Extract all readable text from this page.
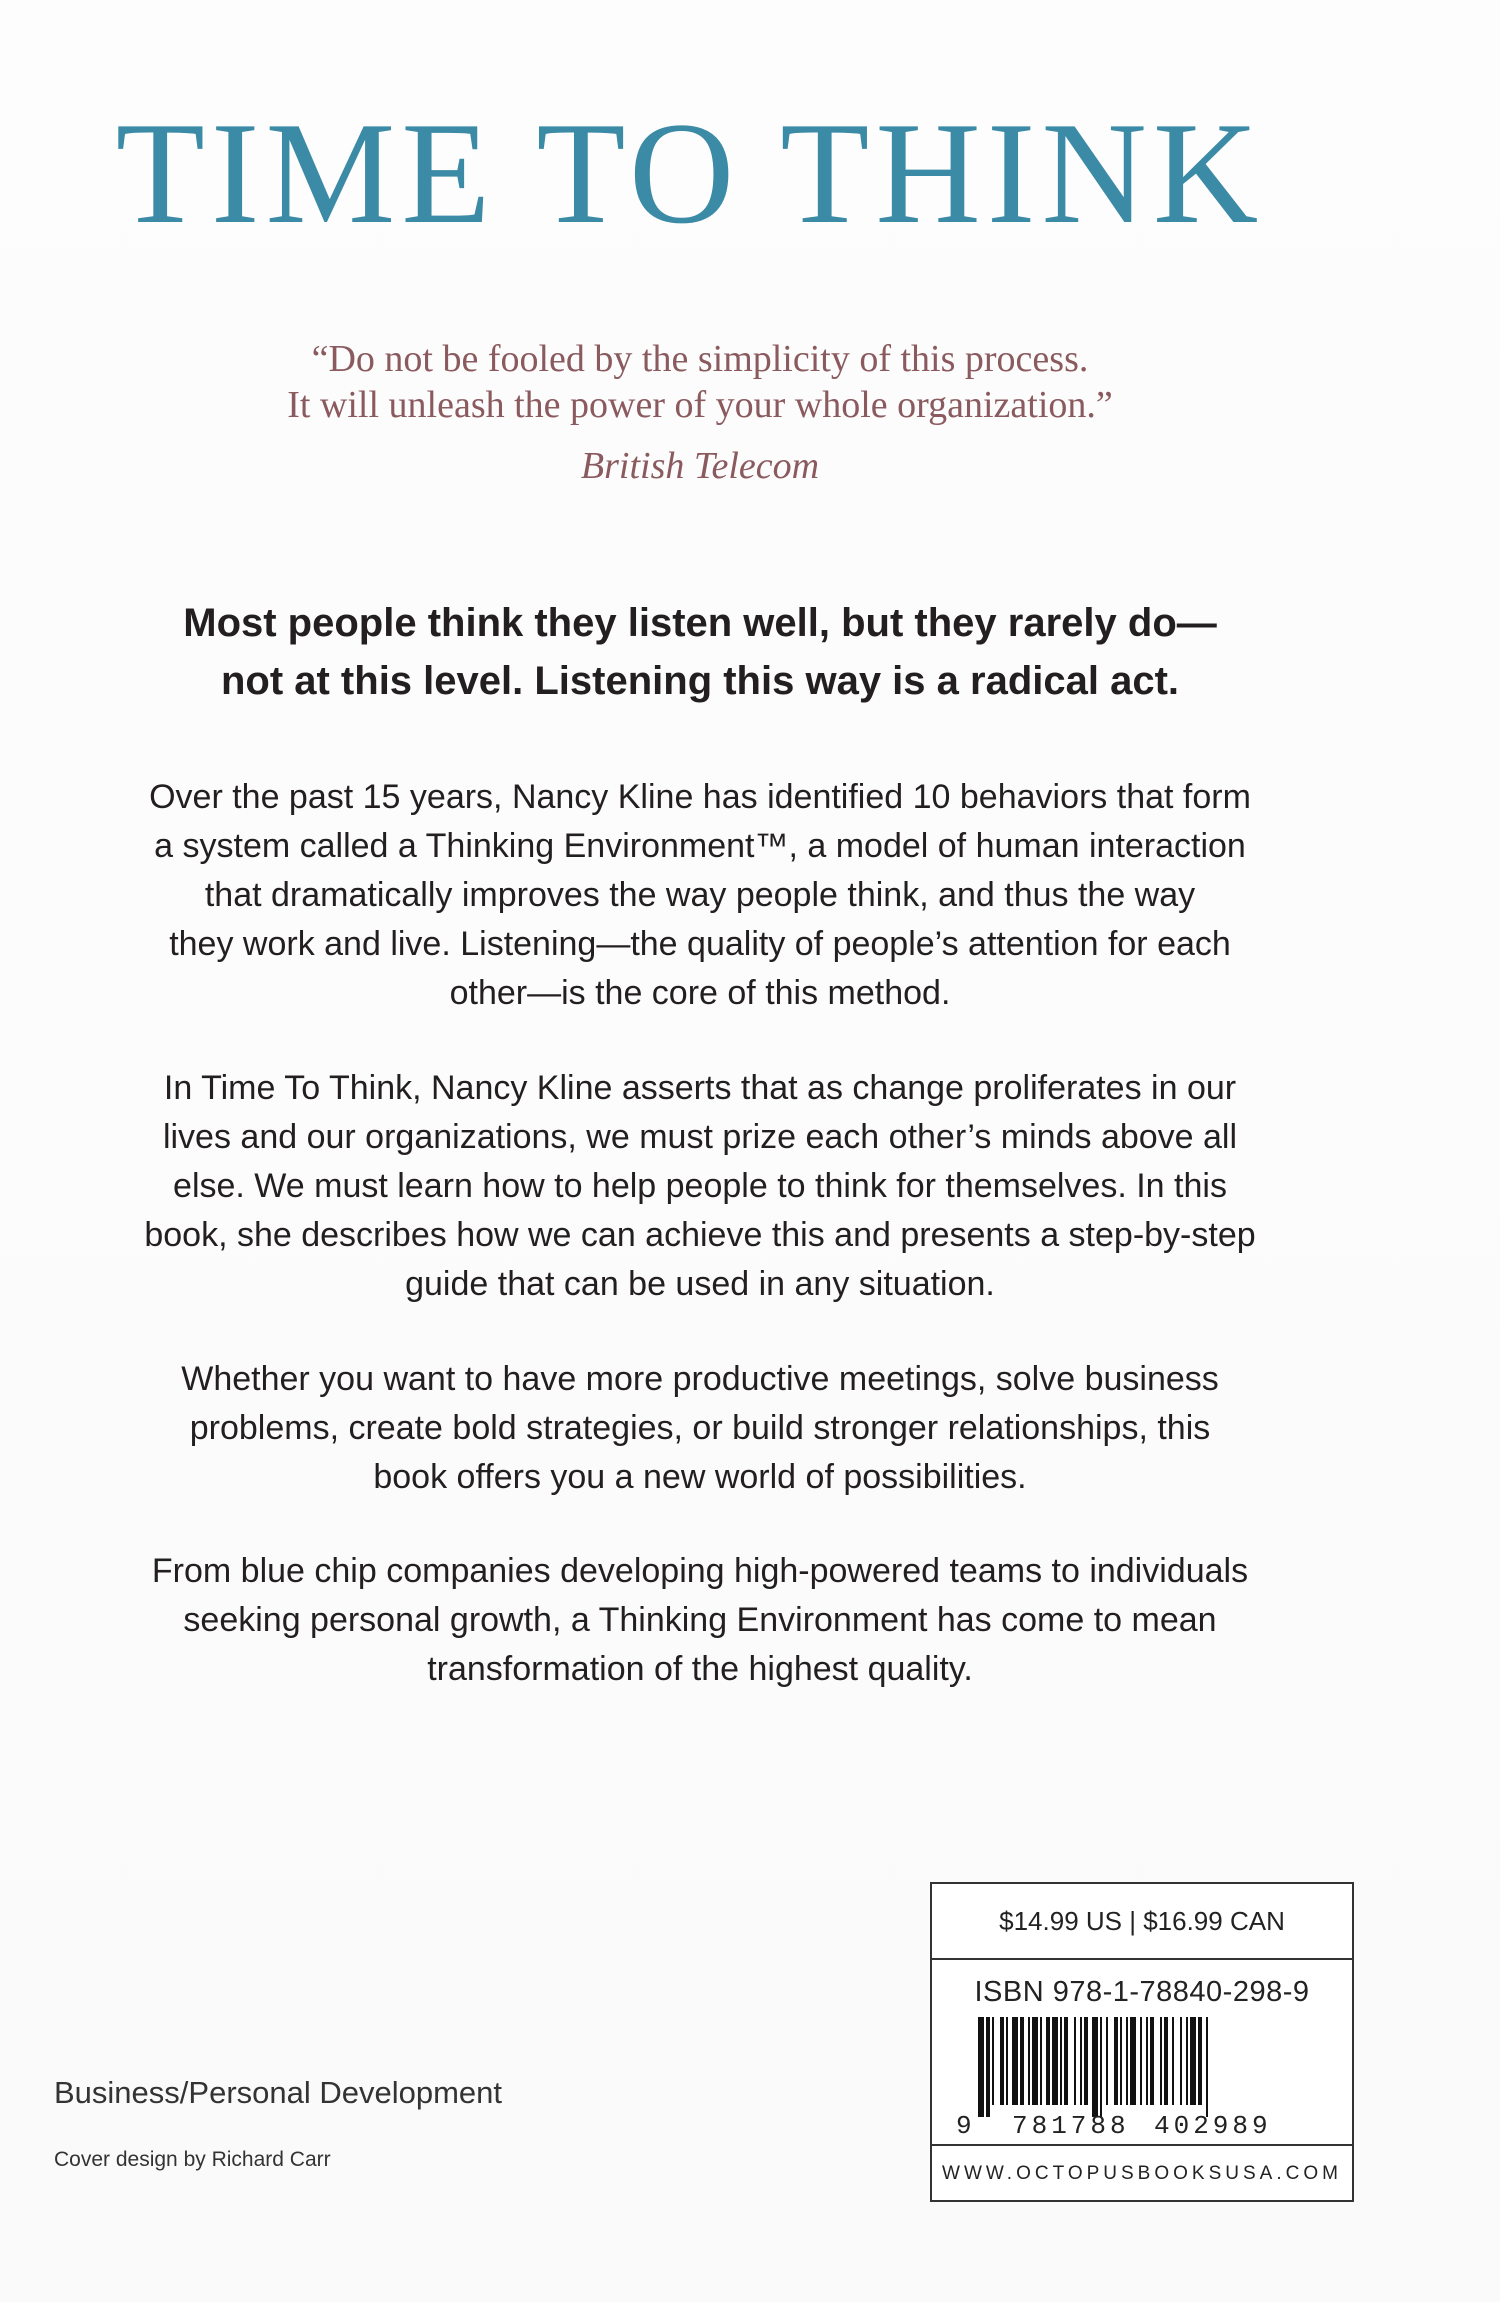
TIME TO THINK
“Do not be fooled by the simplicity of this process.
It will unleash the power of your whole organization.”
British Telecom
Most people think they listen well, but they rarely do—
not at this level. Listening this way is a radical act.
Over the past 15 years, Nancy Kline has identified 10 behaviors that form
a system called a Thinking Environment™, a model of human interaction
that dramatically improves the way people think, and thus the way
they work and live. Listening—the quality of people’s attention for each
other—is the core of this method.
In Time To Think, Nancy Kline asserts that as change proliferates in our
lives and our organizations, we must prize each other’s minds above all
else. We must learn how to help people to think for themselves. In this
book, she describes how we can achieve this and presents a step-by-step
guide that can be used in any situation.
Whether you want to have more productive meetings, solve business
problems, create bold strategies, or build stronger relationships, this
book offers you a new world of possibilities.
From blue chip companies developing high-powered teams to individuals
seeking personal growth, a Thinking Environment has come to mean
transformation of the highest quality.
Business/Personal Development
Cover design by Richard Carr
$14.99 US | $16.99 CAN
ISBN 978-1-78840-298-9
9 781788 402989
WWW.OCTOPUSBOOKSUSA.COM
